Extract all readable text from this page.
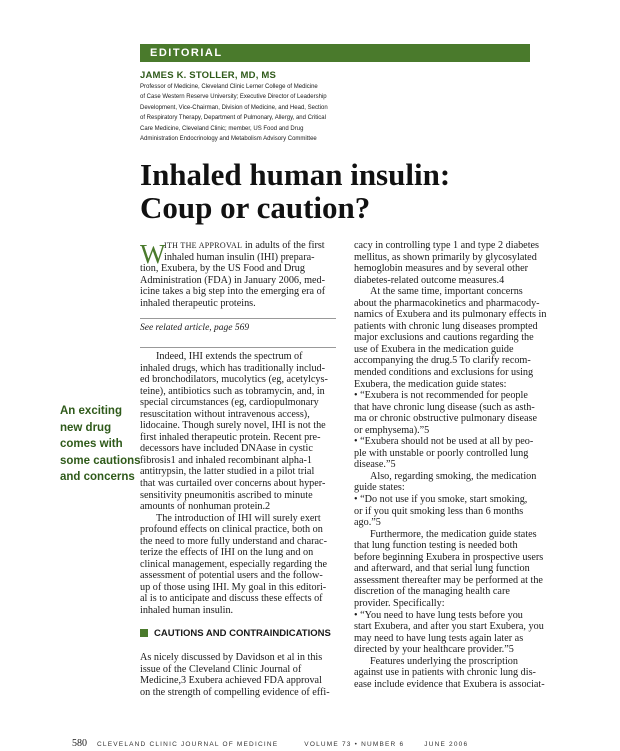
EDITORIAL
JAMES K. STOLLER, MD, MS
Professor of Medicine, Cleveland Clinic Lerner College of Medicine
of Case Western Reserve University; Executive Director of Leadership
Development, Vice-Chairman, Division of Medicine, and Head, Section
of Respiratory Therapy, Department of Pulmonary, Allergy, and Critical
Care Medicine, Cleveland Clinic; member, US Food and Drug
Administration Endocrinology and Metabolism Advisory Committee
Inhaled human insulin:
Coup or caution?
W
ITH THE APPROVAL in adults of the first
inhaled human insulin (IHI) prepara-
tion, Exubera, by the US Food and Drug
Administration (FDA) in January 2006, med-
icine takes a big step into the emerging era of
inhaled therapeutic proteins.
See related article, page 569
Indeed, IHI extends the spectrum of
inhaled drugs, which has traditionally includ-
ed bronchodilators, mucolytics (eg, acetylcys-
teine), antibiotics such as tobramycin, and, in
special circumstances (eg, cardiopulmonary
resuscitation without intravenous access),
lidocaine. Though surely novel, IHI is not the
first inhaled therapeutic protein. Recent pre-
decessors have included DNAase in cystic
fibrosis1 and inhaled recombinant alpha-1
antitrypsin, the latter studied in a pilot trial
that was curtailed over concerns about hyper-
sensitivity pneumonitis ascribed to minute
amounts of nonhuman protein.2
The introduction of IHI will surely exert
profound effects on clinical practice, both on
the need to more fully understand and charac-
terize the effects of IHI on the lung and on
clinical management, especially regarding the
assessment of potential users and the follow-
up of those using IHI. My goal in this editori-
al is to anticipate and discuss these effects of
inhaled human insulin.
CAUTIONS AND CONTRAINDICATIONS
As nicely discussed by Davidson et al in this
issue of the Cleveland Clinic Journal of
Medicine,3 Exubera achieved FDA approval
on the strength of compelling evidence of effi-
An exciting
new drug
comes with
some cautions
and concerns
cacy in controlling type 1 and type 2 diabetes
mellitus, as shown primarily by glycosylated
hemoglobin measures and by several other
diabetes-related outcome measures.4
At the same time, important concerns
about the pharmacokinetics and pharmacody-
namics of Exubera and its pulmonary effects in
patients with chronic lung diseases prompted
major exclusions and cautions regarding the
use of Exubera in the medication guide
accompanying the drug.5 To clarify recom-
mended conditions and exclusions for using
Exubera, the medication guide states:
• “Exubera is not recommended for people
that have chronic lung disease (such as asth-
ma or chronic obstructive pulmonary disease
or emphysema).”5
• “Exubera should not be used at all by peo-
ple with unstable or poorly controlled lung
disease.”5
Also, regarding smoking, the medication
guide states:
• “Do not use if you smoke, start smoking,
or if you quit smoking less than 6 months
ago.”5
Furthermore, the medication guide states
that lung function testing is needed both
before beginning Exubera in prospective users
and afterward, and that serial lung function
assessment thereafter may be performed at the
discretion of the managing health care
provider. Specifically:
• “You need to have lung tests before you
start Exubera, and after you start Exubera, you
may need to have lung tests again later as
directed by your healthcare provider.”5
Features underlying the proscription
against use in patients with chronic lung dis-
ease include evidence that Exubera is associat-
580 CLEVELAND CLINIC JOURNAL OF MEDICINE	VOLUME 73 • NUMBER 6	JUNE 2006
